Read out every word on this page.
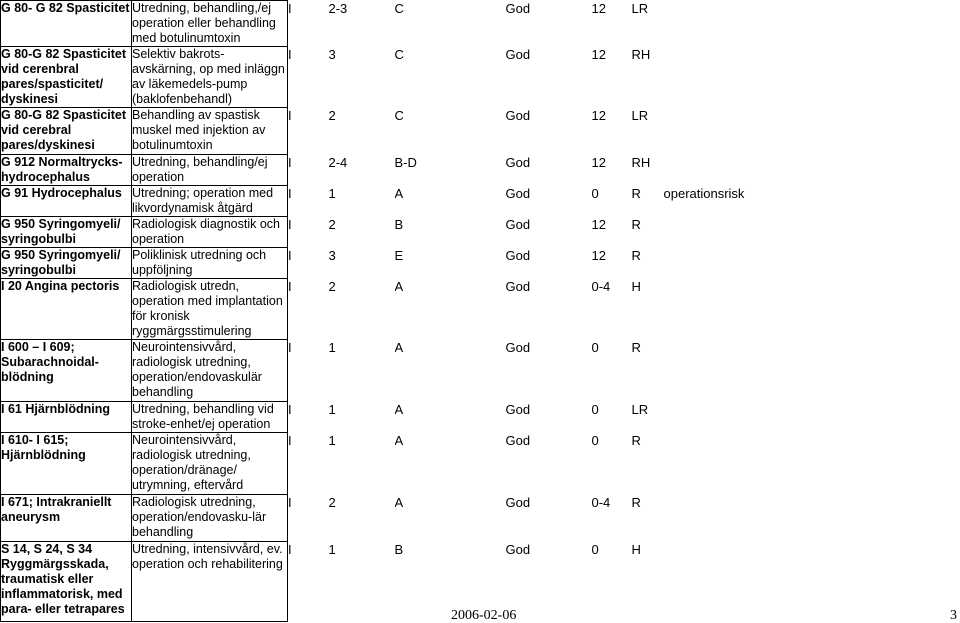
G 80- G 82 Spasticitet	Utredning, behandling,/ej operation eller behandling med botulinumtoxin	I	2-3	C	God	12	LR	
G 80-G 82 Spasticitet vid cerenbral pares/spasticitet/ dyskinesi	Selektiv bakrots-avskärning, op med inläggn av läkemedels-pump (baklofenbehandl)	I	3	C	God	12	RH	
G 80-G 82 Spasticitet vid cerebral pares/dyskinesi	Behandling av spastisk muskel med injektion av botulinumtoxin	I	2	C	God	12	LR	
G 912 Normaltrycks-hydrocephalus	Utredning, behandling/ej operation	I	2-4	B-D	God	12	RH	
G 91 Hydrocephalus	Utredning; operation med likvordynamisk åtgärd	I	1	A	God	0	R	operationsrisk
G 950 Syringomyeli/ syringobulbi	Radiologisk diagnostik och operation	I	2	B	God	12	R	
G 950 Syringomyeli/ syringobulbi	Poliklinisk utredning och uppföljning	I	3	E	God	12	R	
I 20 Angina pectoris	Radiologisk utredn, operation med implantation för kronisk ryggmärgsstimulering	I	2	A	God	0-4	H	
I 600 – I 609; Subarachnoidal-blödning	Neurointensivvård, radiologisk utredning, operation/endovaskulär behandling	I	1	A	God	0	R	
I 61 Hjärnblödning	Utredning, behandling vid stroke-enhet/ej operation	I	1	A	God	0	LR	
I 610- I 615; Hjärnblödning	Neurointensivvård, radiologisk utredning, operation/dränage/ utrymning, eftervård	I	1	A	God	0	R	
I 671; Intrakraniellt aneurysm	Radiologisk utredning, operation/endovasku-lär behandling	I	2	A	God	0-4	R	
S 14, S 24, S 34 Ryggmärgsskada, traumatisk eller inflammatorisk, med para- eller tetrapares	Utredning, intensivvård, ev. operation och rehabilitering	I	1	B	God	0	H	
2006-02-06	3
